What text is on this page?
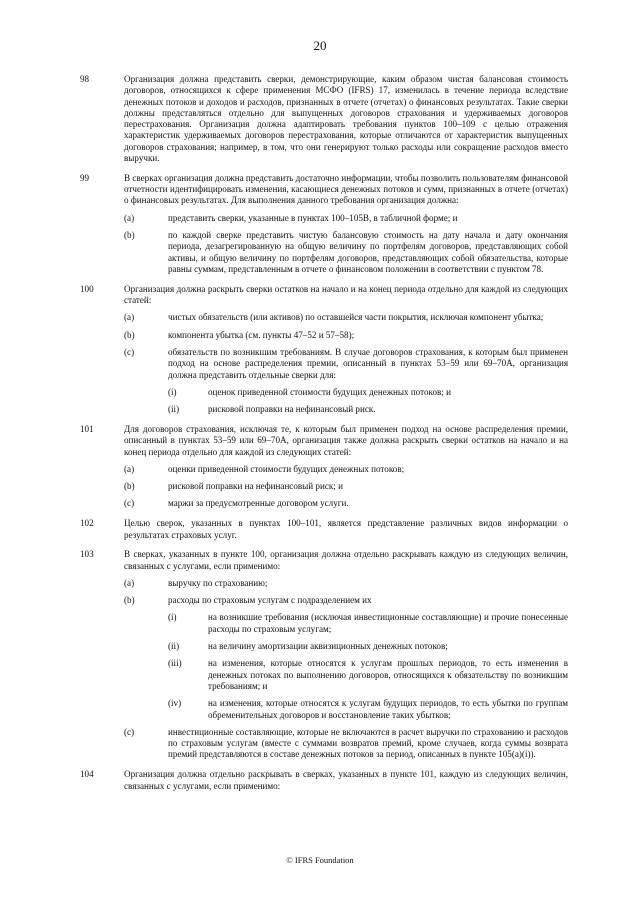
20
98	Организация должна представить сверки, демонстрирующие, каким образом чистая балансовая стоимость договоров, относящихся к сфере применения МСФО (IFRS) 17, изменилась в течение периода вследствие денежных потоков и доходов и расходов, признанных в отчете (отчетах) о финансовых результатах. Такие сверки должны представляться отдельно для выпущенных договоров страхования и удерживаемых договоров перестрахования. Организация должна адаптировать требования пунктов 100–109 с целью отражения характеристик удерживаемых договоров перестрахования, которые отличаются от характеристик выпущенных договоров страхования; например, в том, что они генерируют только расходы или сокращение расходов вместо выручки.
99	В сверках организация должна представить достаточно информации, чтобы позволить пользователям финансовой отчетности идентифицировать изменения, касающиеся денежных потоков и сумм, признанных в отчете (отчетах) о финансовых результатах. Для выполнения данного требования организация должна:
(a)	представить сверки, указанные в пунктах 100–105B, в табличной форме; и
(b)	по каждой сверке представить чистую балансовую стоимость на дату начала и дату окончания периода, дезагрегированную на общую величину по портфелям договоров, представляющих собой активы, и общую величину по портфелям договоров, представляющих собой обязательства, которые равны суммам, представленным в отчете о финансовом положении в соответствии с пунктом 78.
100	Организация должна раскрыть сверки остатков на начало и на конец периода отдельно для каждой из следующих статей:
(a)	чистых обязательств (или активов) по оставшейся части покрытия, исключая компонент убытка;
(b)	компонента убытка (см. пункты 47–52 и 57–58);
(c)	обязательств по возникшим требованиям. В случае договоров страхования, к которым был применен подход на основе распределения премии, описанный в пунктах 53–59 или 69–70A, организация должна представить отдельные сверки для:
(i)	оценок приведенной стоимости будущих денежных потоков; и
(ii)	рисковой поправки на нефинансовый риск.
101	Для договоров страхования, исключая те, к которым был применен подход на основе распределения премии, описанный в пунктах 53–59 или 69–70A, организация также должна раскрыть сверки остатков на начало и на конец периода отдельно для каждой из следующих статей:
(a)	оценки приведенной стоимости будущих денежных потоков;
(b)	рисковой поправки на нефинансовый риск; и
(c)	маржи за предусмотренные договором услуги.
102	Целью сверок, указанных в пунктах 100–101, является представление различных видов информации о результатах страховых услуг.
103	В сверках, указанных в пункте 100, организация должна отдельно раскрывать каждую из следующих величин, связанных с услугами, если применимо:
(a)	выручку по страхованию;
(b)	расходы по страховым услугам с подразделением их
(i)	на возникшие требования (исключая инвестиционные составляющие) и прочие понесенные расходы по страховым услугам;
(ii)	на величину амортизации аквизиционных денежных потоков;
(iii)	на изменения, которые относятся к услугам прошлых периодов, то есть изменения в денежных потоках по выполнению договоров, относящихся к обязательству по возникшим требованиям; и
(iv)	на изменения, которые относятся к услугам будущих периодов, то есть убытки по группам обременительных договоров и восстановление таких убытков;
(c)	инвестиционные составляющие, которые не включаются в расчет выручки по страхованию и расходов по страховым услугам (вместе с суммами возвратов премий, кроме случаев, когда суммы возврата премий представляются в составе денежных потоков за период, описанных в пункте 105(a)(i)).
104	Организация должна отдельно раскрывать в сверках, указанных в пункте 101, каждую из следующих величин, связанных с услугами, если применимо:
© IFRS Foundation
